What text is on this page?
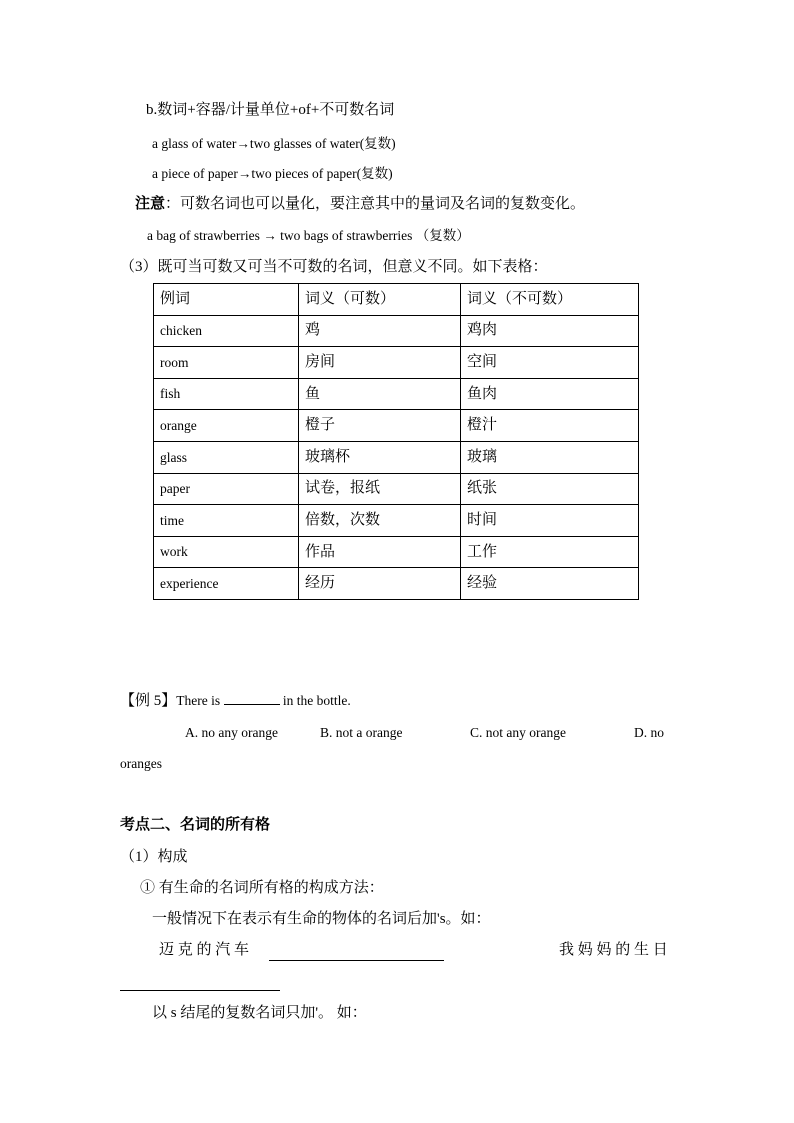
b.数词+容器/计量单位+of+不可数名词
a glass of water→two glasses of water(复数)
a piece of paper→two pieces of paper(复数)
注意：可数名词也可以量化，要注意其中的量词及名词的复数变化。
a bag of strawberries → two bags of strawberries （复数）
（3）既可当可数又可当不可数的名词，但意义不同。如下表格：
例词	词义（可数）	词义（不可数）
chicken	鸡	鸡肉
room	房间	空间
fish	鱼	鱼肉
orange	橙子	橙汁
glass	玻璃杯	玻璃
paper	试卷，报纸	纸张
time	倍数，次数	时间
work	作品	工作
experience	经历	经验
【例 5】There is	in the bottle.
A. no any orange	B. not a orange	C. not any orange	D. no
oranges
考点二、名词的所有格
（1）构成
① 有生命的名词所有格的构成方法：
一般情况下在表示有生命的物体的名词后加's。如：
迈 克 的 汽 车	我 妈 妈 的 生 日
以 s 结尾的复数名词只加'。 如：
